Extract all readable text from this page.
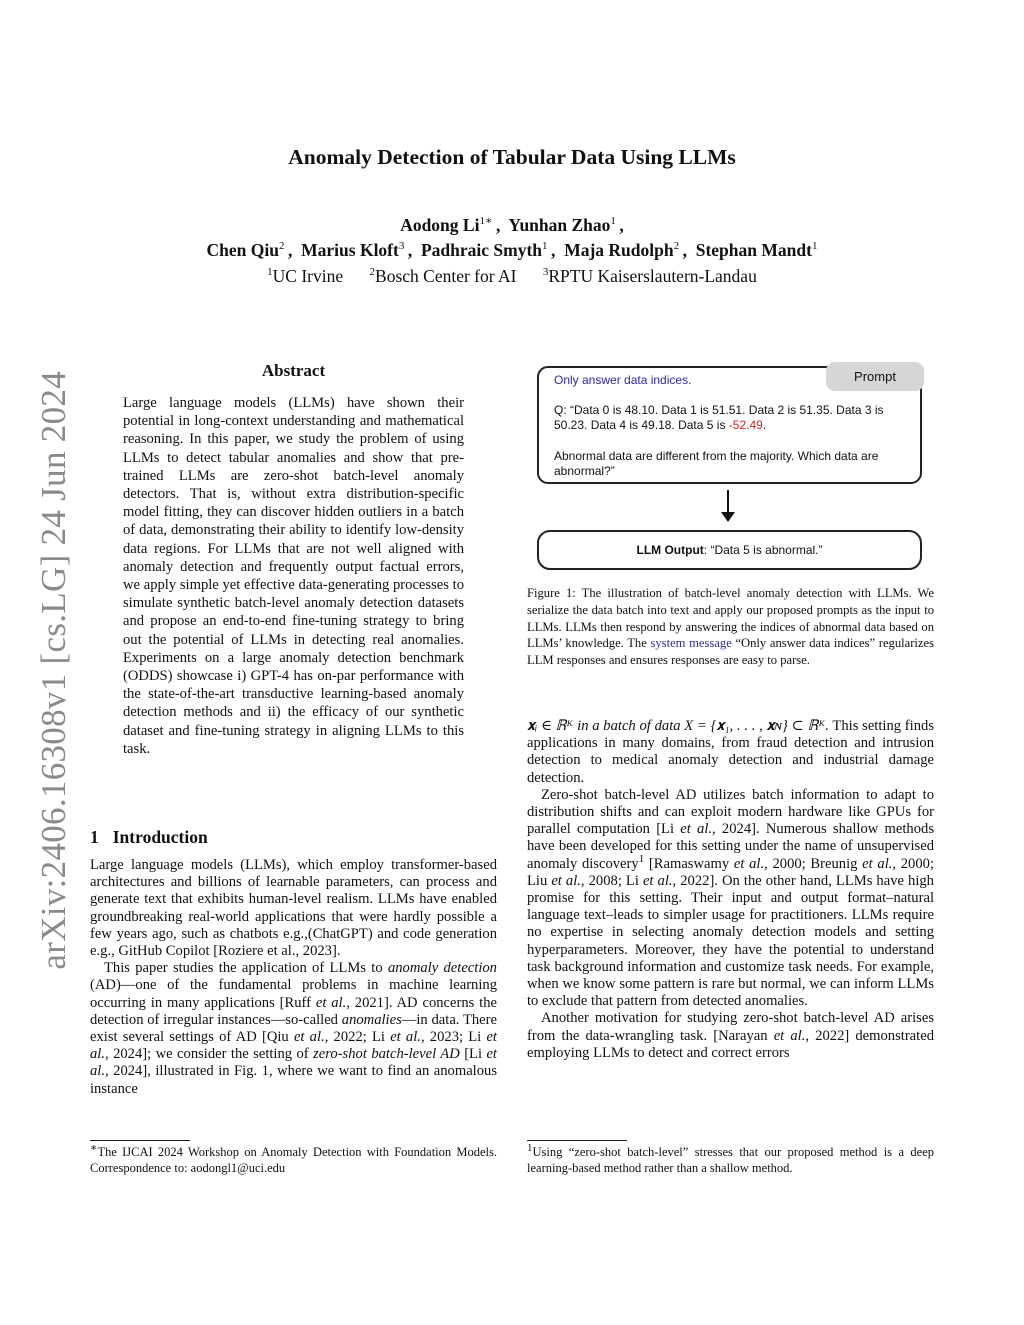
arXiv:2406.16308v1 [cs.LG] 24 Jun 2024
Anomaly Detection of Tabular Data Using LLMs
Aodong $Li^{1∗}$ ,  Yunhan Zhao$^1$ ,
Chen Qiu$^2$ ,  Marius Kloft$^3$ ,  Padhraic Smyth$^1$ ,  Maja Rudolph$^2$ ,  Stephan Mandt$^1$
$^1$UC Irvine $^2$Bosch Center for AI $^3$RPTU Kaiserslautern-Landau
Abstract
Large language models (LLMs) have shown their potential in long-context understanding and mathematical reasoning. In this paper, we study the problem of using LLMs to detect tabular anomalies and show that pre-trained LLMs are zero-shot batch-level anomaly detectors. That is, without extra distribution-specific model fitting, they can discover hidden outliers in a batch of data, demonstrating their ability to identify low-density data regions. For LLMs that are not well aligned with anomaly detection and frequently output factual errors, we apply simple yet effective data-generating processes to simulate synthetic batch-level anomaly detection datasets and propose an end-to-end fine-tuning strategy to bring out the potential of LLMs in detecting real anomalies. Experiments on a large anomaly detection benchmark (ODDS) showcase i) GPT-4 has on-par performance with the state-of-the-art transductive learning-based anomaly detection methods and ii) the efficacy of our synthetic dataset and fine-tuning strategy in aligning LLMs to this task.
1 Introduction

Large language models (LLMs), which employ transformer-based architectures and billions of learnable parameters, can process and generate text that exhibits human-level realism. LLMs have enabled groundbreaking real-world applications that were hardly possible a few years ago, such as chatbots e.g.,(ChatGPT) and code generation e.g., GitHub Copilot [Roziere et al., 2023].

This paper studies the application of LLMs to anomaly detection (AD)—one of the fundamental problems in machine learning occurring in many applications [Ruff et al., 2021]. AD concerns the detection of irregular instances—so-called anomalies—in data. There exist several settings of AD [Qiu et al., 2022; Li et al., 2023; Li et al., 2024]; we consider the setting of zero-shot batch-level AD [Li et al., 2024], illustrated in Fig. 1, where we want to find an anomalous instance

∗The IJCAI 2024 Workshop on Anomaly Detection with Foundation Models. Correspondence to: aodongl1@uci.edu
Only answer data indices.
Q: “Data 0 is 48.10. Data 1 is 51.51. Data 2 is 51.35. Data 3 is 50.23. Data 4 is 49.18. Data 5 is -52.49.
Abnormal data are different from the majority. Which data are abnormal?”
Prompt
LLM Output: “Data 5 is abnormal.”
Figure 1: The illustration of batch-level anomaly detection with LLMs. We serialize the data batch into text and apply our proposed prompts as the input to LLMs. LLMs then respond by answering the indices of abnormal data based on LLMs’ knowledge. The system message “Only answer data indices” regularizes LLM responses and ensures responses are easy to parse.

𝐱ᵢ ∈ ℝᴷ in a batch of data X = {𝐱₁, . . . , 𝐱ɴ} ⊂ ℝᴷ. This setting finds applications in many domains, from fraud detection and intrusion detection to medical anomaly detection and industrial damage detection.

Zero-shot batch-level AD utilizes batch information to adapt to distribution shifts and can exploit modern hardware like GPUs for parallel computation [Li et al., 2024]. Numerous shallow methods have been developed for this setting under the name of unsupervised anomaly discovery$^1$ [Ramaswamy et al., 2000; Breunig et al., 2000; Liu et al., 2008; Li et al., 2022]. On the other hand, LLMs have high promise for this setting. Their input and output format–natural language text–leads to simpler usage for practitioners. LLMs require no expertise in selecting anomaly detection models and setting hyperparameters. Moreover, they have the potential to understand task background information and customize task needs. For example, when we know some pattern is rare but normal, we can inform LLMs to exclude that pattern from detected anomalies.

Another motivation for studying zero-shot batch-level AD arises from the data-wrangling task. [Narayan et al., 2022] demonstrated employing LLMs to detect and correct errors

1Using “zero-shot batch-level” stresses that our proposed method is a deep learning-based method rather than a shallow method.
